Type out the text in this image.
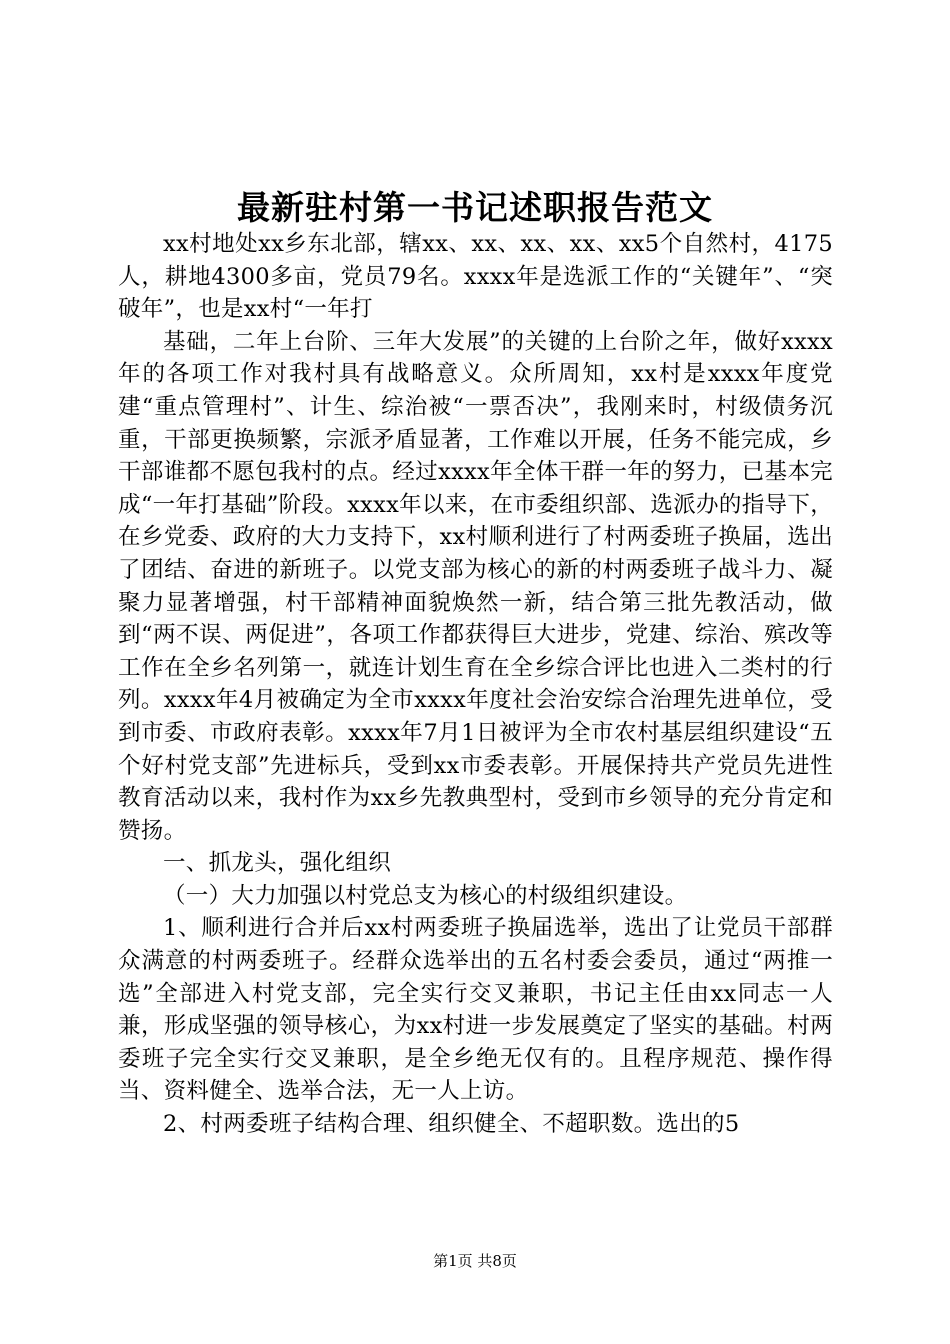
最新驻村第一书记述职报告范文

xx村地处xx乡东北部，辖xx、xx、xx、xx、xx5个自然村，4175人，耕地4300多亩，党员79名。xxxx年是选派工作的“关键年”、“突破年”，也是xx村“一年打

基础，二年上台阶、三年大发展”的关键的上台阶之年，做好xxxx年的各项工作对我村具有战略意义。众所周知，xx村是xxxx年度党建“重点管理村”、计生、综治被“一票否决”，我刚来时，村级债务沉重，干部更换频繁，宗派矛盾显著，工作难以开展，任务不能完成，乡干部谁都不愿包我村的点。经过xxxx年全体干群一年的努力，已基本完成“一年打基础”阶段。xxxx年以来，在市委组织部、选派办的指导下，在乡党委、政府的大力支持下，xx村顺利进行了村两委班子换届，选出了团结、奋进的新班子。以党支部为核心的新的村两委班子战斗力、凝聚力显著增强，村干部精神面貌焕然一新，结合第三批先教活动，做到“两不误、两促进”，各项工作都获得巨大进步，党建、综治、殡改等工作在全乡名列第一，就连计划生育在全乡综合评比也进入二类村的行列。xxxx年4月被确定为全市xxxx年度社会治安综合治理先进单位，受到市委、市政府表彰。xxxx年7月1日被评为全市农村基层组织建设“五个好村党支部”先进标兵，受到xx市委表彰。开展保持共产党员先进性教育活动以来，我村作为xx乡先教典型村，受到市乡领导的充分肯定和赞扬。

一、抓龙头，强化组织

（一）大力加强以村党总支为核心的村级组织建设。

1、顺利进行合并后xx村两委班子换届选举，选出了让党员干部群众满意的村两委班子。经群众选举出的五名村委会委员，通过“两推一选”全部进入村党支部，完全实行交叉兼职，书记主任由xx同志一人兼，形成坚强的领导核心，为xx村进一步发展奠定了坚实的基础。村两委班子完全实行交叉兼职，是全乡绝无仅有的。且程序规范、操作得当、资料健全、选举合法，无一人上访。

2、村两委班子结构合理、组织健全、不超职数。选出的5

第1页 共8页
